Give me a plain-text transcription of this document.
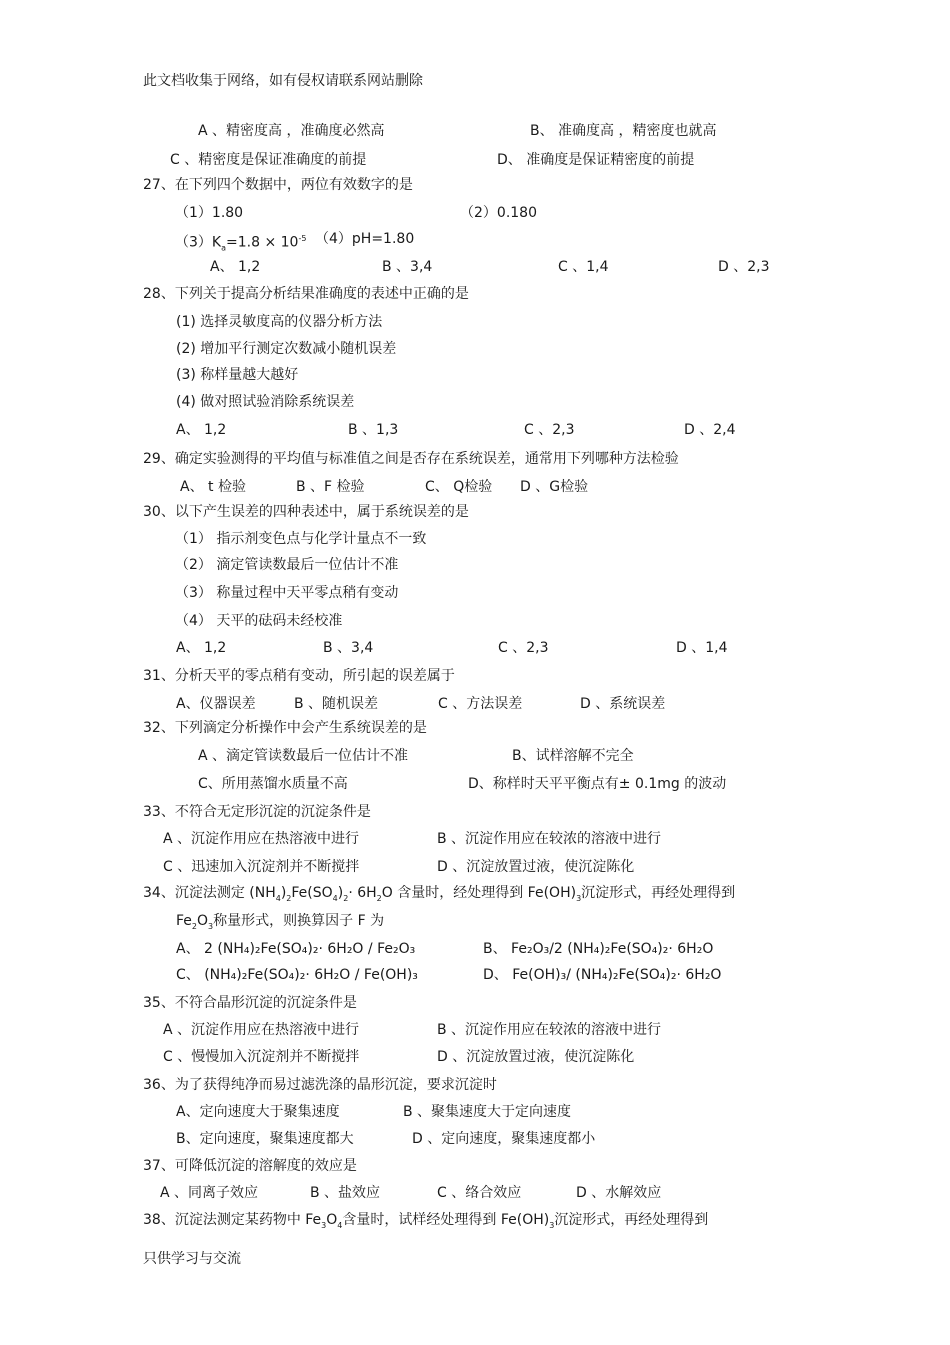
此文档收集于网络，如有侵权请联系网站删除
只供学习与交流
A 、精密度高 ，准确度必然高	B、 准确度高 ，精密度也就高
C 、精密度是保证准确度的前提	D、 准确度是保证精密度的前提
27、在下列四个数据中，两位有效数字的是
（1）1.80	（2）0.180
$(3)K_a=1.8 \times 10^{-5}$ （4）pH=1.80
A、 1,2	B 、3,4	C 、1,4	D 、2,3
28、下列关于提高分析结果准确度的表述中正确的是
(1) 选择灵敏度高的仪器分析方法
(2) 增加平行测定次数减小随机误差
(3) 称样量越大越好
(4) 做对照试验消除系统误差
A、 1,2	B 、1,3	C 、2,3	D 、2,4
29、确定实验测得的平均值与标准值之间是否存在系统误差，通常用下列哪种方法检验
A、 t 检验	B 、F 检验	C、 Q检验 D 、G检验
30、以下产生误差的四种表述中，属于系统误差的是
（1） 指示剂变色点与化学计量点不一致
（2） 滴定管读数最后一位估计不准
（3） 称量过程中天平零点稍有变动
（4） 天平的砝码未经校准
A、 1,2	B 、3,4	C 、2,3	D 、1,4
31、分析天平的零点稍有变动，所引起的误差属于
A、仪器误差	B 、随机误差	C 、方法误差	D 、系统误差
32、下列滴定分析操作中会产生系统误差的是
A 、滴定管读数最后一位估计不准	B、试样溶解不完全
C、所用蒸馏水质量不高	D、称样时天平平衡点有± 0.1mg 的波动
33、不符合无定形沉淀的沉淀条件是
A 、沉淀作用应在热溶液中进行	B 、沉淀作用应在较浓的溶液中进行
C 、迅速加入沉淀剂并不断搅拌	D 、沉淀放置过液，使沉淀陈化
34、沉淀法测定 $(NH_4)_2Fe(SO_4)_2\cdot 6H_2O$ 含量时，经处理得到 $Fe(OH)_3$沉淀形式，再经处理得到
$Fe_2O_3$称量形式，则换算因子 F 为
A、 2 (NH₄)₂Fe(SO₄)₂· 6H₂O / Fe₂O₃	B、 Fe₂O₃/2 (NH₄)₂Fe(SO₄)₂· 6H₂O
C、 (NH₄)₂Fe(SO₄)₂· 6H₂O / Fe(OH)₃	D、 Fe(OH)₃/ (NH₄)₂Fe(SO₄)₂· 6H₂O
35、不符合晶形沉淀的沉淀条件是
A 、沉淀作用应在热溶液中进行	B 、沉淀作用应在较浓的溶液中进行
C 、慢慢加入沉淀剂并不断搅拌	D 、沉淀放置过液，使沉淀陈化
36、为了获得纯净而易过滤洗涤的晶形沉淀，要求沉淀时
A、定向速度大于聚集速度	B 、聚集速度大于定向速度
B、定向速度，聚集速度都大	D 、定向速度，聚集速度都小
37、可降低沉淀的溶解度的效应是
A 、同离子效应	B 、盐效应	C 、络合效应	D 、水解效应
38、沉淀法测定某药物中 $Fe_3O_4$含量时，试样经处理得到 $Fe(OH)_3$沉淀形式，再经处理得到
